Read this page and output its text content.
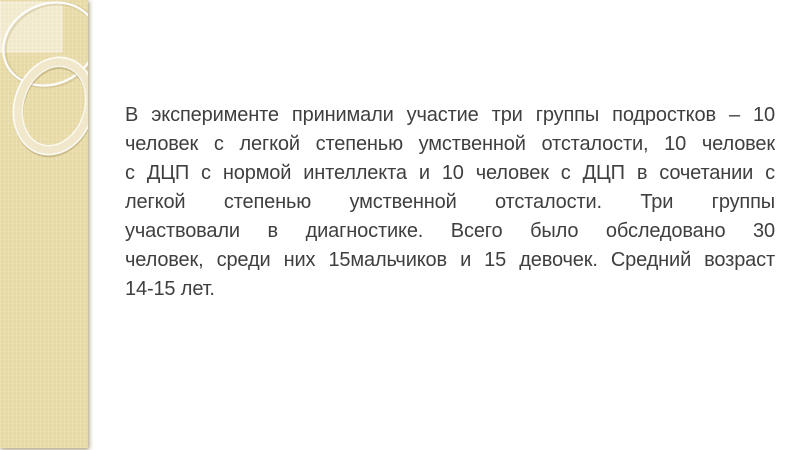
В эксперименте принимали участие три группы подростков – 10
человек с легкой степенью умственной отсталости, 10 человек
с ДЦП с нормой интеллекта и 10 человек с ДЦП в сочетании с
легкой степенью умственной отсталости. Три группы
участвовали в диагностике. Всего было обследовано 30
человек, среди них 15мальчиков и 15 девочек. Средний возраст
14-15 лет.
